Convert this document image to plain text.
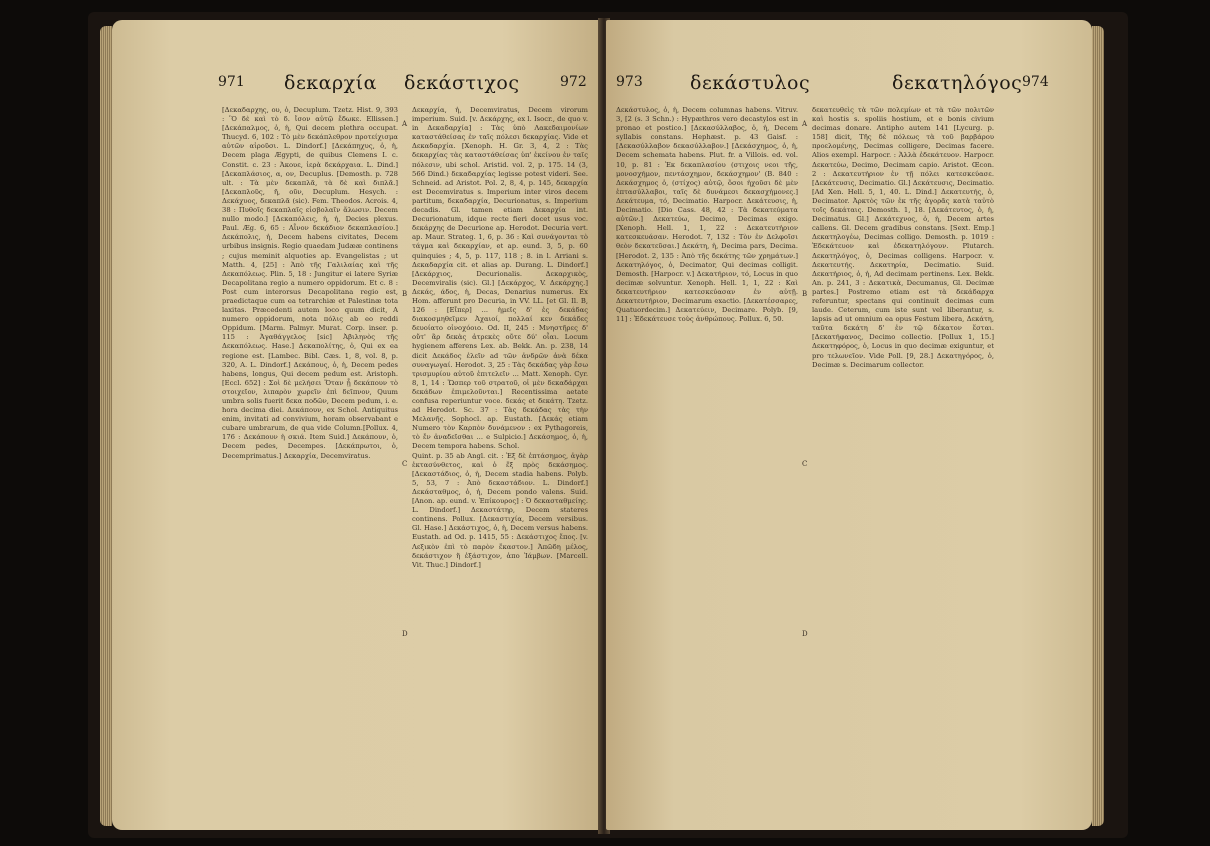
971 δεκαρχία δεκάστιχος	972

[Δεκαδαρχης, ου, ὁ, Decuplum. Tzetz. Hist. 9, 393 : Ὃ δὲ καὶ τὸ δ. ἴσον αὐτῷ ἔδωκε. Ellissen.] [Δεκάπαλμος, ὁ, ἡ, Qui decem plethra occupat. Thucyd. 6, 102 : Τὸ μὲν δεκάπλεθρον προτείχισμα αὐτῶν αἱροῦσι. L. Dindorf.] [Δεκάπηχυς, ὁ, ἡ, Decem plaga Ægypti, de quibus Clemens I. c. Constit. c. 23 : Ἀκουε, ἱερὰ δεκάρχαια. L. Dind.] [Δεκαπλάσιος, α, ον, Decuplus. [Demosth. p. 728 ult. : Τὰ μὲν δεκαπλᾶ, τὰ δὲ καὶ διπλᾶ.] [Δεκαπλοῦς, ῆ, οῦν, Decuplum. Hesych. : Δεκάχυος, δεκαπλᾶ (sic). Fem. Theodos. Acrois. 4, 38 : Πυθοῖς δεκαπλαῖς εἰσβολαῖν ἄλωσιν. Decem nullo modo.] [Δεκαπόλεις, ἡ, ἡ, Decies plexus. Paul. Æg. 6, 65 : Αἶνον δεκάδιον δεκαπλασίου.] Δεκάπολις, ἡ, Decem habens civitates, Decem urbibus insignis. Regio quaedam Judææ continens ; cujus meminit alquoties ap. Evangelistas ; ut Matth. 4, [25] : Ἀπὸ τῆς Γαλιλαίας καὶ τῆς Δεκαπόλεως. Plin. 5, 18 : Jungitur ei latere Syriæ Decapolitana regio a numero oppidorum. Et c. 8 : Post cum interorsus Decapolitana regio est, praedictaque cum ea tetrarchiæ et Palestinæ tota laxitas. Præcedenti autem loco quum dicit, A numero oppidorum, nota πόλις ab eo reddi Oppidum. [Marm. Palmyr. Murat. Corp. inser. p. 115 : Ἀγαθάγγελος [sic] Ἀβιληνὸς τῆς Δεκαπόλεως. Hase.] Δεκαπολίτης, ὁ, Qui ex ea regione est. [Lambec. Bibl. Cæs. 1, 8, vol. 8, p. 320, A. L. Dindorf.] Δεκάπους, ὁ, ἡ, Decem pedes habens, longus, Qui decem pedum est. Aristoph. [Eccl. 652] : Σοὶ δὲ μελήσει Ὅταν ᾖ δεκάπουν τὸ στοιχεῖον, λιπαρὸν χωρεῖν ἐπὶ δεῖπνον, Quum umbra solis fuerit δεκα ποδῶν, Decem pedum, i. e. hora decima diei. Δεκάπουν, ex Schol. Antiquitus enim, invitati ad convivium, horam observabant e cubare umbrarum, de qua vide Column.[Pollux. 4, 176 : Δεκάπουν ἡ σκιά. Item Suid.] Δεκάπουν, ὁ, Decem pedes, Decempes. [Δεκάπρωτοι, ὁ, Decemprimatus.] Δεκαρχία, Decemviratus.

A
B
C
D

Δεκαρχία, ἡ, Decemviratus, Decem virorum imperium. Suid. [v. Δεκάρχης, ex l. Isocr., de quo v. in Δεκαδαρχία] : Τὰς ὑπὸ Λακεδαιμονίων καταστάθείσας ἐν ταῖς πόλεσι δεκαρχίας. Vide et Δεκαδαρχία. [Xenoph. H. Gr. 3, 4, 2 : Τὰς δεκαρχίας τὰς καταστάθείσας ὑπ' ἐκείνου ἐν ταῖς πόλεσιν, ubi schol. Aristid. vol. 2, p. 175. 14 (3, 566 Dind.) δεκαδαρχίας legisse potest videri. See. Schneid. ad Aristot. Pol. 2, 8, 4, p. 145, δεκαρχία est Decemviratus s. Imperium inter viros decem partitum, δεκαδαρχία, Decurionatus, s. Imperium decadis. Gl. tamen etiam Δεκαρχία int. Decurionatum, idque recte fieri docet usus voc. δεκάρχης de Decurione ap. Herodot. Decuria vert. ap. Maur. Strateg. 1, 6, p. 36 : Καὶ συνάγονται τὸ τάγμα καὶ δεκαρχίαν, et ap. eund. 3, 5, p. 60 quinquies ; 4, 5, p. 117, 118 ; 8. in l. Arriani s. Δεκαδαρχία cit. et alias ap. Durang. L. Dindorf.] [Δεκάρχιος, Decurionalis. Δεκαρχικὸς, Decemviralis (sic). Gl.] [Δεκάρχος, V. Δεκάρχης.] Δεκάς, άδος, ἡ, Decas, Denarius numerus. Ex Hom. afferunt pro Decuria, in VV. LL. [et Gl. Il. B, 126 : [Εἴπερ] ... ἡμεῖς δ' ἐς δεκάδας διακοσμηθεῖμεν Ἀχαιοί, πολλαί κεν δεκάδες δευοίατο οἰνοχόοιο. Od. II, 245 : Μνηστῆρες δ' οὔτ' ἂρ δεκὰς ἀτρεκὲς οὔτε δύ' οἶαι. Locum hygienem afferens Lex. ab. Bekk. An. p. 238, 14 dicit Δεκάδος ἐλεῖν ad τῶν ἀνδρῶν ἀνὰ δέκα συναγωγαί. Herodot. 3, 25 : Τὰς δεκάδας γὰρ ἔσω τρισμυρίου αὐτοῦ ἐπιτελεῖν ... Matt. Xenoph. Cyr. 8, 1, 14 : Ὥσπερ τοῦ στρατοῦ, οἱ μὲν δεκαδάρχαι δεκάδων ἐπιμελοῦνται.] Recentissima aetate confusa reperiuntur voce. δεκάς et δεκάτη. Tzetz. ad Herodot. Sc. 37 : Τὰς δεκάδας τὰς τὴν Μελανῆς. Sophocl. ap. Eustath. [Δεκάς etiam Numero τὸν Καρπὸν δυνάμενον : ex Pythagoreis, τὸ ἔν ἀναδεῖσθαι ... e Sulpicio.] Δεκάσημος, ὁ, ἡ, Decem tempora habens. Schol.

Quint. p. 35 ab Angl. cit. : Ἐξ δὲ ἑπτάσημος, ἀγὰρ ἑκτασύνθετος, καὶ ὁ ἕξ πρὸς δεκάσημος. [Δεκαστάδιος, ὁ, ἡ, Decem stadia habens. Polyb. 5, 53, 7 : Ἀπὸ δεκαστάδιον. L. Dindorf.] Δεκάσταθμος, ὁ, ἡ, Decem pondo valens. Suid. [Anon. ap. eund. v. Ἐπίκουρος] : Ὁ δεκασταθμείης. L. Dindorf.] Δεκαστάτηρ, Decem stateres continens. Pollux. [Δεκαστιχία, Decem versibus. Gl. Hase.] Δεκάστιχος, ὁ, ἡ, Decem versus habens. Eustath. ad Od. p. 1415, 55 : Δεκάστιχος ἔπος. [v. Λεξικὸν ἐπὶ τὸ παρὸν ἕκαστον.] Ἀπῶδη μέλος, δεκάστιχον ἢ ἑξάστιχον, ἀπο Ἰάμβων. [Marcell. Vit. Thuc.] Dindorf.]

973 δεκάστυλος	δεκατηλόγος 974

Δεκάστυλος, ὁ, ἡ, Decem columnas habens. Vitruv. 3, [2 (s. 3 Schn.) : Hypæthros vero decastylos est in pronao et postico.] [Δεκασύλλαβος, ὁ, ἡ, Decem syllabis constans. Hephæst. p. 43 Gaisf. : [Δεκασύλλαβον δεκασύλλαβον.] [Δεκάσχημος, ὁ, ἡ, Decem schemata habens. Plut. fr. a Villois. ed. vol. 10, p. 81 : Ἐκ δεκαπλασίου (στιχοις νεοι τῆς, μονοσχήμον, πεντάσχημον, δεκάσχημον' (B. 840 : Δεκάσχημος ὁ, (στίχος) αὐτῷ, ὅσοι ἠχοῦσι δὲ μὲν ἑπτασύλλαβοι, ταῖς δὲ δυνάμεσι δεκασχήμονες.] Δεκάτευμα, τό, Decimatio. Harpocr. Δεκάτευσις, ἡ, Decimatio. [Dio Cass. 48, 42 : Τὰ δεκατεύματα αὐτῶν.] Δεκατεύω, Decimo, Decimas exigo. [Xenoph. Hell. 1, 1, 22 : Δεκατευτήριον κατεσκευάσαν. Herodot. 7, 132 : Τὸν ἐν Δελφοῖσι θεὸν δεκατεῦσαι.] Δεκάτη, ἡ, Decima pars, Decima. [Herodot. 2, 135 : Ἀπὸ τῆς δεκάτης τῶν χρημάτων.] Δεκατηλόγος, ὁ, Decimator, Qui decimas colligit. Demosth. [Harpocr. v.] Δεκατήριον, τό, Locus in quo decimæ solvuntur. Xenoph. Hell. 1, 1, 22 : Καὶ δεκατευτήριον κατεσκεύασαν ἐν αὐτῇ. Δεκατευτήριον, Decimarum exactio. [Δεκατέσσαρες, Quatuordecim.] Δεκατεύειν, Decimare. Polyb. [9, 11] : Ἐδεκάτευσε τοὺς ἀνθρώπους. Pollux. 6, 50.

A
B
C
D

δεκατευθεὶς τὰ τῶν πολεμίων et τὰ τῶν πολιτῶν καὶ hostis s. spoliis hostium, et e bonis civium decimas donare. Antipho autem 141 [Lycurg. p. 158] dicit, Τῆς δὲ πόλεως τὰ τοῦ βαρβάρου προελομένης, Decimas colligere, Decimas facere. Alios exempl. Harpocr. : Ἀλλὰ ἐδεκάτευον. Harpocr. Δεκατεύω, Decimo, Decimam capio. Aristot. Œcon. 2 : Δεκατευτήριον ἐν τῇ πόλει κατεσκεύασε. [Δεκάτευσις, Decimatio. Gl.] Δεκάτευσις, Decimatio. [Ad Xen. Hell. 5, 1, 40. L. Dind.] Δεκατευτής, ὁ, Decimator. Ἀρκτὸς τῶν ἐκ τῆς ἀγορᾶς κατὰ ταὐτὸ τοῖς δεκάταις. Demosth. 1, 18. [Δεκάτευτος, ὁ, ἡ, Decimatus. Gl.] Δεκάτεχνος, ὁ, ἡ, Decem artes callens. Gl. Decem gradibus constans. [Sext. Emp.] Δεκατηλογέω, Decimas colligo. Demosth. p. 1019 : Ἐδεκάτευον καὶ ἐδεκατηλόγουν. Plutarch. Δεκατηλόγος, ὁ, Decimas colligens. Harpocr. v. Δεκατευτής. Δεκατηρία, Decimatio. Suid. Δεκατήριος, ὁ, ἡ, Ad decimam pertinens. Lex. Bekk. An. p. 241, 3 : Δεκατικὰ, Decumanus, Gl. Decimæ partes.] Postremo etiam est τὰ δεκάδαρχα referuntur, spectans qui continuit decimas cum laude. Ceterum, cum iste sunt vel liberantur, s. lapsis ad ut omnium ea opus Festum libera, Δεκάτη, ταῦτα δεκάτη δ' ἐν τῷ δέκατον ἕσται. [Δεκατήφανος, Decimo collectio. [Pollux 1, 15.] Δεκατηφόρος, ὁ, Locus in quo decimæ exiguntur, et pro τελωνεῖον. Vide Poll. [9, 28.] Δεκατηγόρος, ὁ, Decimæ s. Decimarum collector.
